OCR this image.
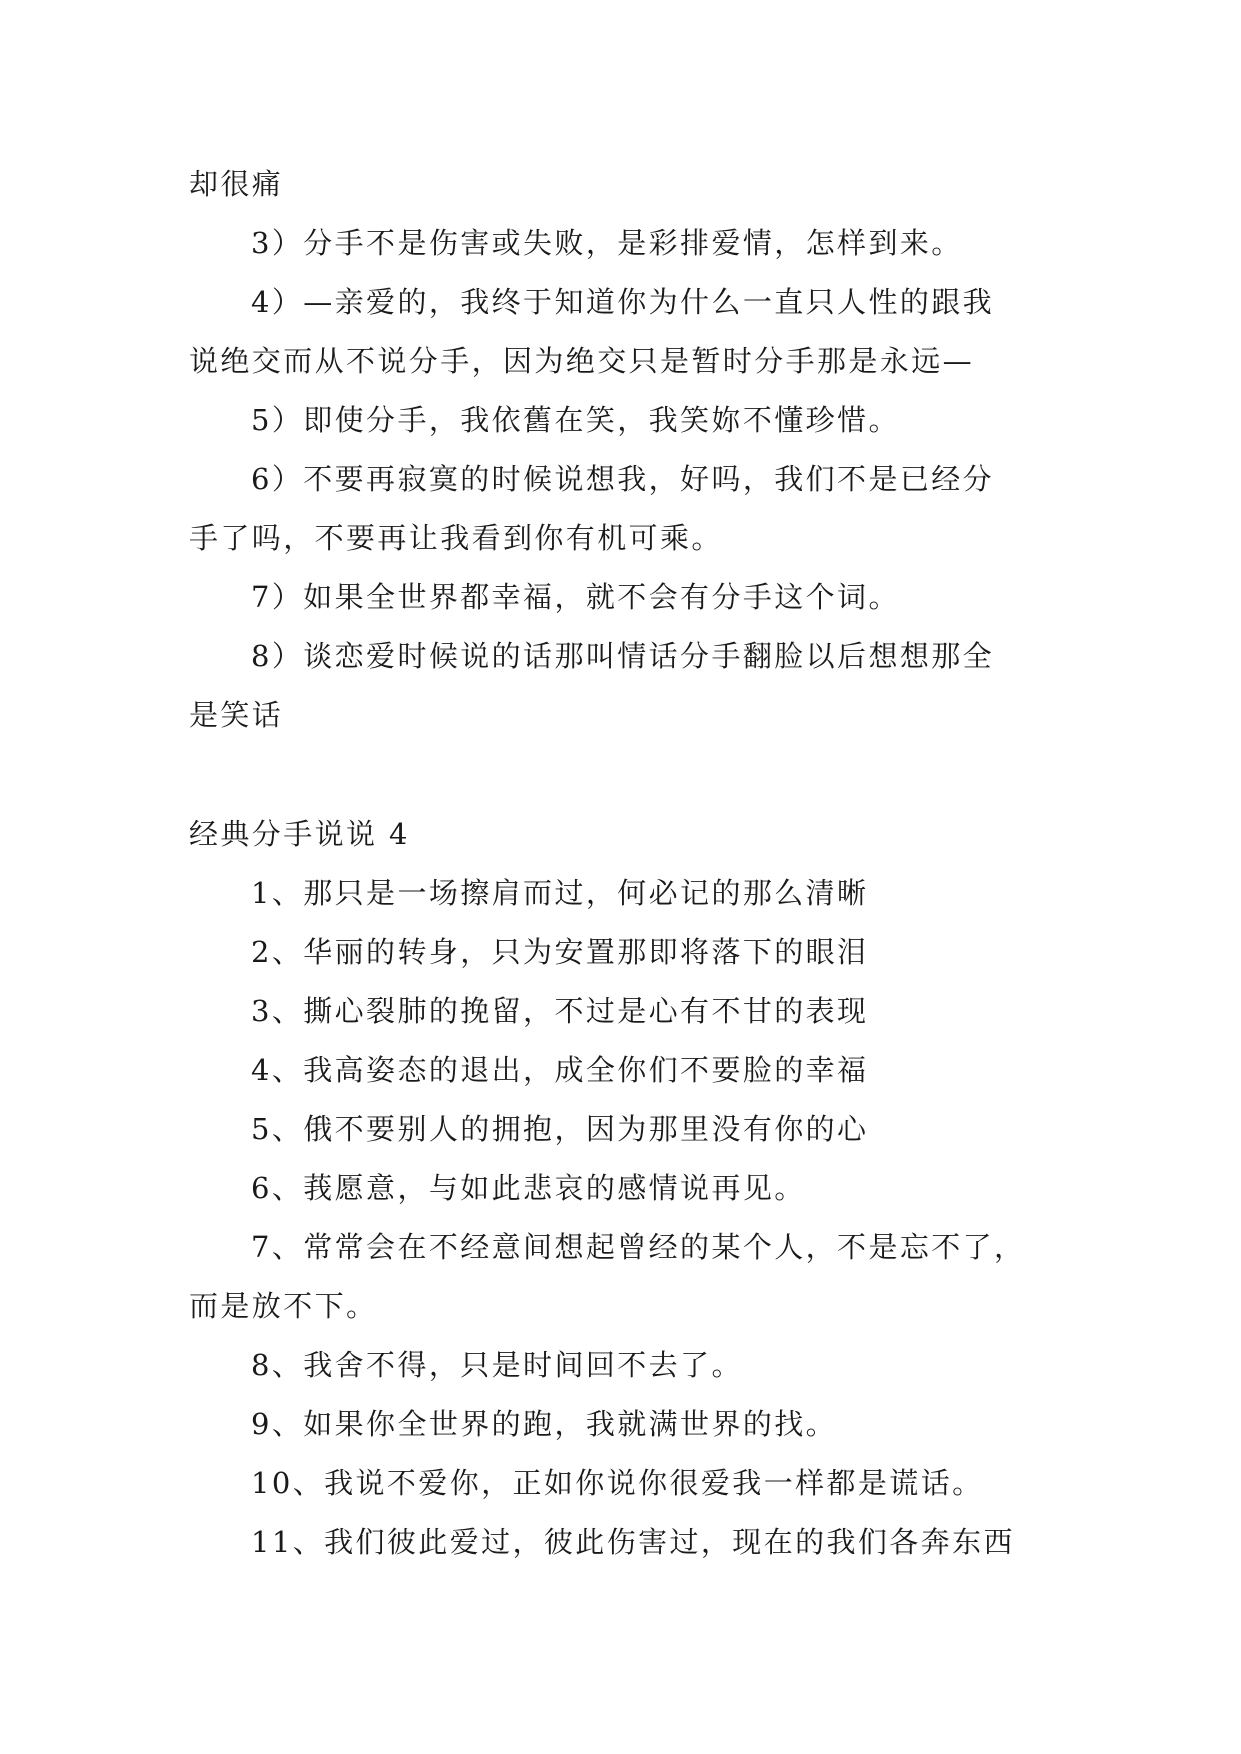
却很痛
3）分手不是伤害或失败，是彩排爱情，怎样到来。
4）—亲爱的，我终于知道你为什么一直只人性的跟我
说绝交而从不说分手，因为绝交只是暂时分手那是永远—
5）即使分手，我依舊在笑，我笑妳不懂珍惜。
6）不要再寂寞的时候说想我，好吗，我们不是已经分
手了吗，不要再让我看到你有机可乘。
7）如果全世界都幸福，就不会有分手这个词。
8）谈恋爱时候说的话那叫情话分手翻脸以后想想那全
是笑话
经典分手说说 4
1、那只是一场擦肩而过，何必记的那么清晰
2、华丽的转身，只为安置那即将落下的眼泪
3、撕心裂肺的挽留，不过是心有不甘的表现
4、我高姿态的退出，成全你们不要脸的幸福
5、俄不要别人的拥抱，因为那里没有你的心
6、莪愿意，与如此悲哀的感情说再见。
7、常常会在不经意间想起曾经的某个人，不是忘不了，
而是放不下。
8、我舍不得，只是时间回不去了。
9、如果你全世界的跑，我就满世界的找。
10、我说不爱你，正如你说你很爱我一样都是谎话。
11、我们彼此爱过，彼此伤害过，现在的我们各奔东西
